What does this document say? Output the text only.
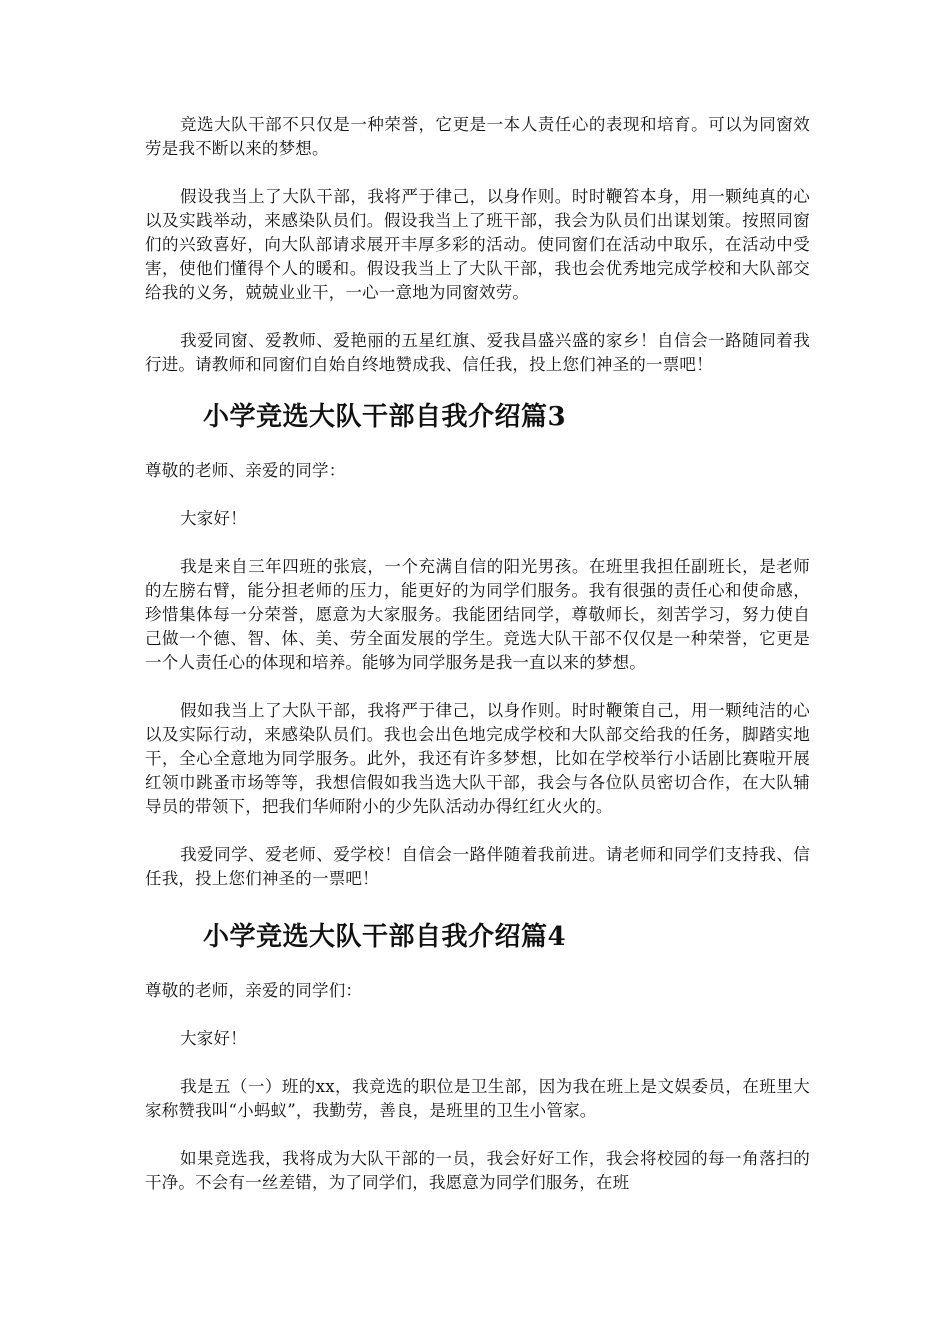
竞选大队干部不只仅是一种荣誉，它更是一本人责任心的表现和培育。可以为同窗效劳是我不断以来的梦想。

假设我当上了大队干部，我将严于律己，以身作则。时时鞭笞本身，用一颗纯真的心以及实践举动，来感染队员们。假设我当上了班干部，我会为队员们出谋划策。按照同窗们的兴致喜好，向大队部请求展开丰厚多彩的活动。使同窗们在活动中取乐，在活动中受害，使他们懂得个人的暖和。假设我当上了大队干部，我也会优秀地完成学校和大队部交给我的义务，兢兢业业干，一心一意地为同窗效劳。

我爱同窗、爱教师、爱艳丽的五星红旗、爱我昌盛兴盛的家乡！自信会一路随同着我行进。请教师和同窗们自始自终地赞成我、信任我，投上您们神圣的一票吧！

小学竞选大队干部自我介绍篇3

尊敬的老师、亲爱的同学：

大家好！

我是来自三年四班的张宸，一个充满自信的阳光男孩。在班里我担任副班长，是老师的左膀右臂，能分担老师的压力，能更好的为同学们服务。我有很强的责任心和使命感，珍惜集体每一分荣誉，愿意为大家服务。我能团结同学，尊敬师长，刻苦学习，努力使自己做一个德、智、体、美、劳全面发展的学生。竞选大队干部不仅仅是一种荣誉，它更是一个人责任心的体现和培养。能够为同学服务是我一直以来的梦想。

假如我当上了大队干部，我将严于律己，以身作则。时时鞭策自己，用一颗纯洁的心以及实际行动，来感染队员们。我也会出色地完成学校和大队部交给我的任务，脚踏实地干，全心全意地为同学服务。此外，我还有许多梦想，比如在学校举行小话剧比赛啦开展红领巾跳蚤市场等等，我想信假如我当选大队干部，我会与各位队员密切合作，在大队辅导员的带领下，把我们华师附小的少先队活动办得红红火火的。

我爱同学、爱老师、爱学校！自信会一路伴随着我前进。请老师和同学们支持我、信任我，投上您们神圣的一票吧！

小学竞选大队干部自我介绍篇4

尊敬的老师，亲爱的同学们：

大家好！

我是五（一）班的xx，我竞选的职位是卫生部，因为我在班上是文娱委员，在班里大家称赞我叫“小蚂蚁”，我勤劳，善良，是班里的卫生小管家。

如果竞选我，我将成为大队干部的一员，我会好好工作，我会将校园的每一角落扫的干净。不会有一丝差错，为了同学们，我愿意为同学们服务，在班
